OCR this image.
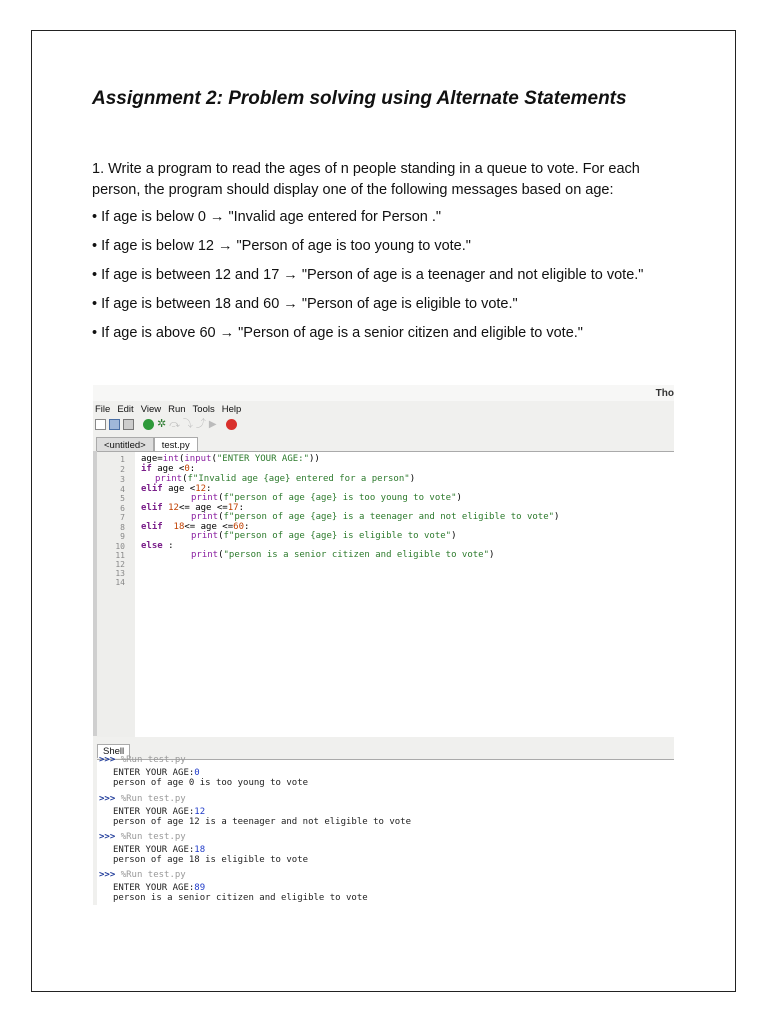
Assignment 2: Problem solving using Alternate Statements

1. Write a program to read the ages of n people standing in a queue to vote. For each person, the program should display one of the following messages based on age:

• If age is below 0 → "Invalid age entered for Person ."

• If age is below 12 → "Person of age is too young to vote."

• If age is between 12 and 17 → "Person of age is a teenager and not eligible to vote."

• If age is between 18 and 60 → "Person of age is eligible to vote."

• If age is above 60 → "Person of age is a senior citizen and eligible to vote."

Tho
File Edit View Run Tools Help
✲ ⤼ ⤵ ⤴ ▶
<untitled>	test.py
1
2
3
4
5
6
7
8
9
10
11
12
13
14
age=int(input("ENTER YOUR AGE:"))
if age <0:
print(f"Invalid age {age} entered for a person")
elif age <12:
print(f"person of age {age} is too young to vote")
elif 12<= age <=17:
print(f"person of age {age} is a teenager and not eligible to vote")
elif 18<= age <=60:
print(f"person of age {age} is eligible to vote")
else :
print("person is a senior citizen and eligible to vote")
Shell
>>> %Run test.py
ENTER YOUR AGE:0
person of age 0 is too young to vote
>>> %Run test.py
ENTER YOUR AGE:12
person of age 12 is a teenager and not eligible to vote
>>> %Run test.py
ENTER YOUR AGE:18
person of age 18 is eligible to vote
>>> %Run test.py
ENTER YOUR AGE:89
person is a senior citizen and eligible to vote
